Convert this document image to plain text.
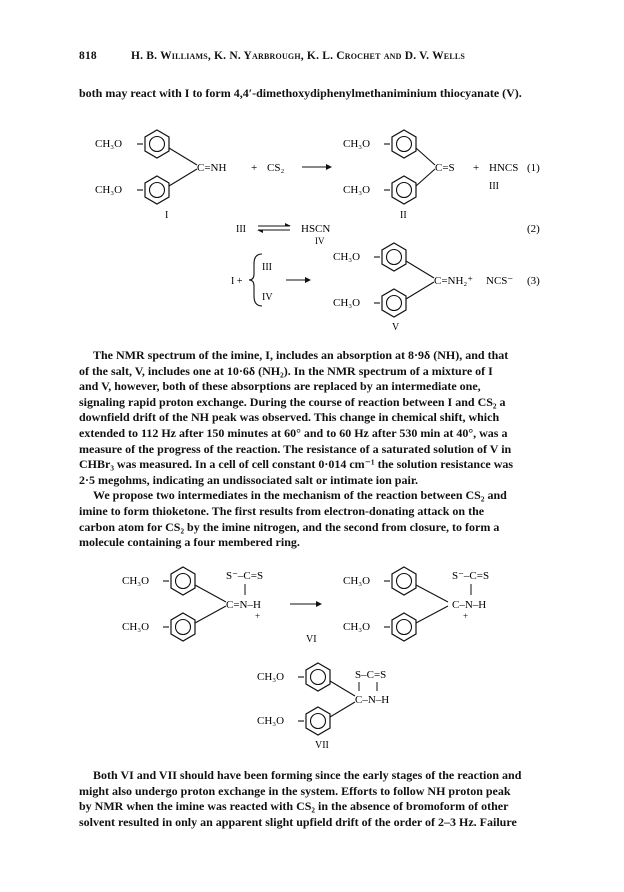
818	H. B. Williams, K. N. Yarbrough, K. L. Crochet and D. V. Wells

both may react with I to form 4,4′-dimethoxydiphenylmethaniminium thiocyanate (V).

CH₃O
CH₃O
C=NH
I
+ CS₂
CH₃O
CH₃O
C=S
II
+ HNCS
III
(1)
III	HSCN
IV
(2)
I +
III
IV
CH₃O
CH₃O
C=NH₂⁺ NCS⁻
V
(3)

The NMR spectrum of the imine, I, includes an absorption at 8·9δ (NH), and that

of the salt, V, includes one at 10·6δ (NH₂). In the NMR spectrum of a mixture of I

and V, however, both of these absorptions are replaced by an intermediate one,

signaling rapid proton exchange. During the course of reaction between I and CS₂ a

downfield drift of the NH peak was observed. This change in chemical shift, which

extended to 112 Hz after 150 minutes at 60° and to 60 Hz after 530 min at 40°, was a

measure of the progress of the reaction. The resistance of a saturated solution of V in

CHBr₃ was measured. In a cell of cell constant 0·014 cm⁻¹ the solution resistance was

2·5 megohms, indicating an undissociated salt or intimate ion pair.

We propose two intermediates in the mechanism of the reaction between CS₂ and

imine to form thioketone. The first results from electron-donating attack on the

carbon atom for CS₂ by the imine nitrogen, and the second from closure, to form a

molecule containing a four membered ring.

CH₃O
CH₃O
S⁻–C=S
C=N–H
+
CH₃O
CH₃O
S⁻–C=S
C–N–H
+
VI
CH₃O
CH₃O
S–C=S
C–N–H
VII

Both VI and VII should have been forming since the early stages of the reaction and

might also undergo proton exchange in the system. Efforts to follow NH proton peak

by NMR when the imine was reacted with CS₂ in the absence of bromoform of other

solvent resulted in only an apparent slight upfield drift of the order of 2–3 Hz. Failure
